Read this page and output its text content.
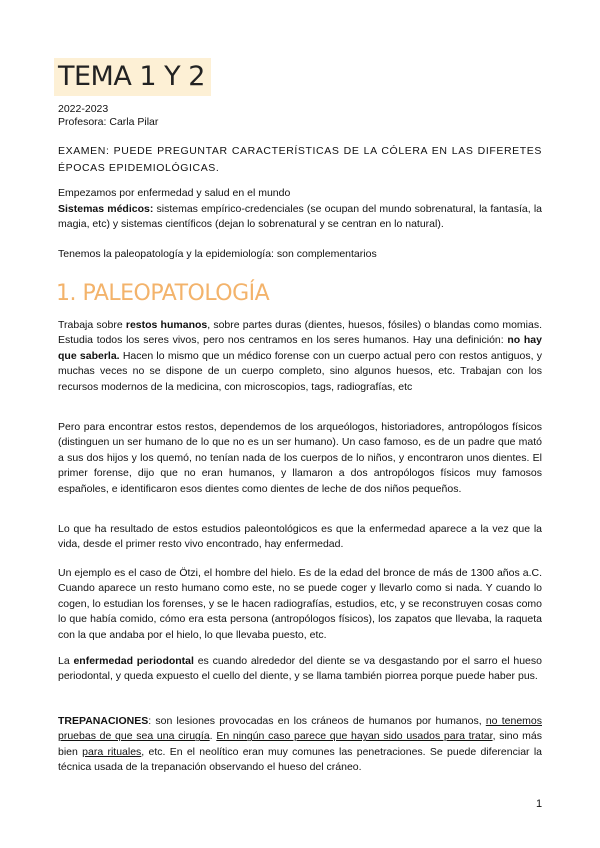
TEMA 1 Y 2
2022-2023
Profesora: Carla Pilar

EXAMEN: PUEDE PREGUNTAR CARACTERÍSTICAS DE LA CÓLERA EN LAS DIFERETES ÉPOCAS EPIDEMIOLÓGICAS.

Empezamos por enfermedad y salud en el mundo

Sistemas médicos: sistemas empírico-credenciales (se ocupan del mundo sobrenatural, la fantasía, la magia, etc) y sistemas científicos (dejan lo sobrenatural y se centran en lo natural).

Tenemos la paleopatología y la epidemiología: son complementarios

1. PALEOPATOLOGÍA

Trabaja sobre restos humanos, sobre partes duras (dientes, huesos, fósiles) o blandas como momias. Estudia todos los seres vivos, pero nos centramos en los seres humanos. Hay una definición: no hay que saberla. Hacen lo mismo que un médico forense con un cuerpo actual pero con restos antiguos, y muchas veces no se dispone de un cuerpo completo, sino algunos huesos, etc. Trabajan con los recursos modernos de la medicina, con microscopios, tags, radiografías, etc

Pero para encontrar estos restos, dependemos de los arqueólogos, historiadores, antropólogos físicos (distinguen un ser humano de lo que no es un ser humano). Un caso famoso, es de un padre que mató a sus dos hijos y los quemó, no tenían nada de los cuerpos de lo niños, y encontraron unos dientes. El primer forense, dijo que no eran humanos, y llamaron a dos antropólogos físicos muy famosos españoles, e identificaron esos dientes como dientes de leche de dos niños pequeños.

Lo que ha resultado de estos estudios paleontológicos es que la enfermedad aparece a la vez que la vida, desde el primer resto vivo encontrado, hay enfermedad.

Un ejemplo es el caso de Ötzi, el hombre del hielo. Es de la edad del bronce de más de 1300 años a.C. Cuando aparece un resto humano como este, no se puede coger y llevarlo como si nada. Y cuando lo cogen, lo estudian los forenses, y se le hacen radiografías, estudios, etc, y se reconstruyen cosas como lo que había comido, cómo era esta persona (antropólogos físicos), los zapatos que llevaba, la raqueta con la que andaba por el hielo, lo que llevaba puesto, etc.

La enfermedad periodontal es cuando alrededor del diente se va desgastando por el sarro el hueso periodontal, y queda expuesto el cuello del diente, y se llama también piorrea porque puede haber pus.

TREPANACIONES: son lesiones provocadas en los cráneos de humanos por humanos, no tenemos pruebas de que sea una cirugía. En ningún caso parece que hayan sido usados para tratar, sino más bien para rituales, etc. En el neolítico eran muy comunes las penetraciones. Se puede diferenciar la técnica usada de la trepanación observando el hueso del cráneo.

1
